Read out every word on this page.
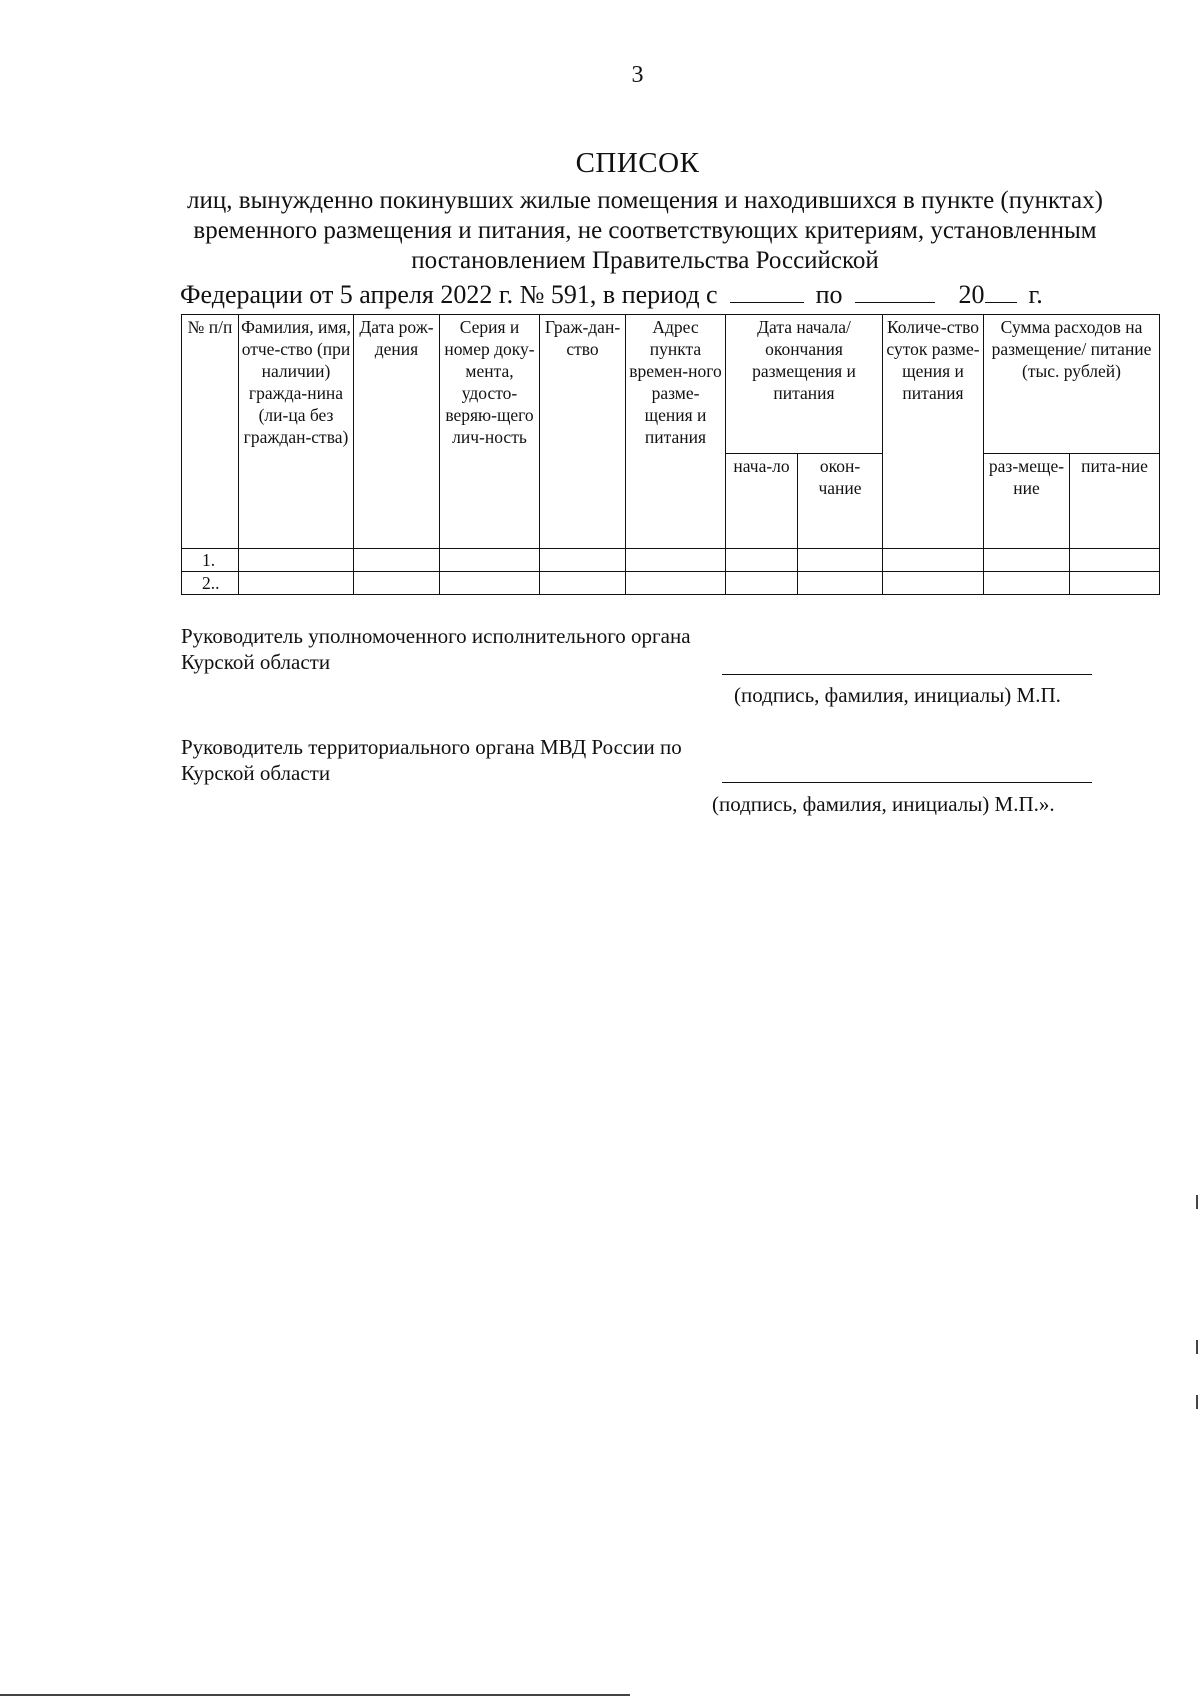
3
СПИСОК
лиц, вынужденно покинувших жилые помещения и находившихся в пункте (пунктах) временного размещения и питания, не соответствующих критериям, установленным постановлением Правительства Российской
Федерации от 5 апреля 2022 г. № 591, в период с	по	20 г.
№ п/п	Фамилия, имя, отче-ство (при наличии) гражда-нина (ли-ца без граждан-ства)	Дата рож-дения	Серия и номер доку-мента, удосто-веряю-щего лич-ность	Граж-дан-ство	Адрес пункта времен-ного разме-щения и питания	Дата начала/ окончания размещения и питания		Количе-ство суток разме-щения и питания	Сумма расходов на размещение/ питание (тыс. рублей)	
						нача-ло	окон-чание		раз-меще-ние	пита-ние
1.										
2..										
Руководитель уполномоченного исполнительного органа Курской области
(подпись, фамилия, инициалы) М.П.
Руководитель территориального органа МВД России по Курской области
(подпись, фамилия, инициалы) М.П.».
